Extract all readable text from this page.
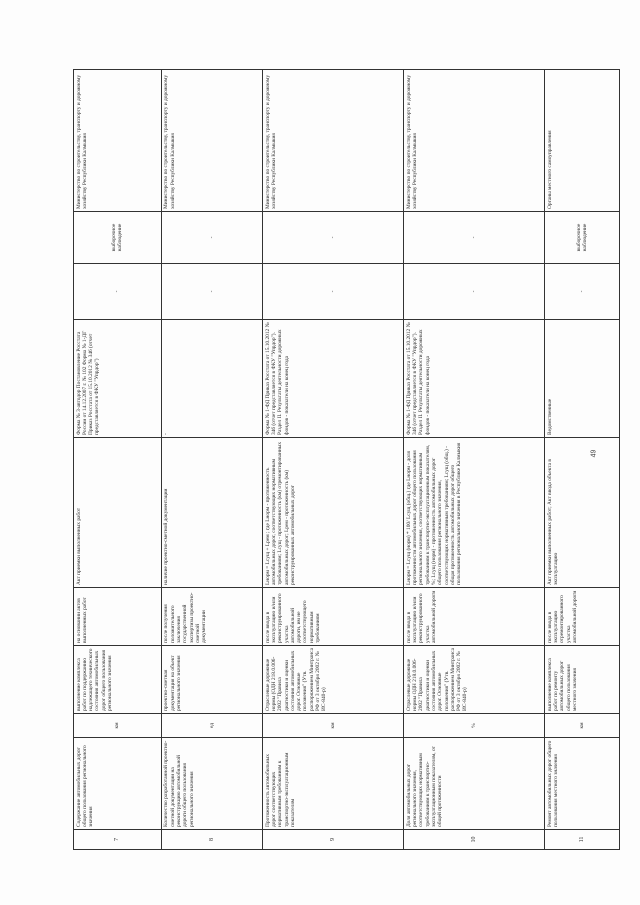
7	Содержание автомобильных дорог общего пользования регионального значения	км	выполнение комплекса работ по поддержанию надлежащего технического состояния автомобильных дорог общего пользования регионального значения	на основании актов выполненных работ	Акт приемки выполненных работ	Форма № 3-автодор Постановление Росстата России от 14.12.2007 г. № 102 Форма № 1-ДГ Приказ Росстата от 15.10.2012 № 346 (отчет представляется в ФКУ "Упрдор")	-	выборочное наблюдение	Министерство по строительству, транспорту и дорожному хозяйству Республики Калмыкия
8	Количество разработанной проектно-сметной документации на реконструкцию автомобильной дороги общего пользования регионального значения	ед	проектно-сметная документация на объект регионального значения	после получения положительного заключения государственной экспертизы проектно-сметной документации	наличие проектно-сметной документации	-	-	-	Министерство по строительству, транспорту и дорожному хозяйству Республики Калмыкия
9	Протяженность автомобильных дорог соответствующих нормативным требованиям к транспортно-эксплуатационным показателям	км	Отраслевые дорожные нормы (ОДН 218.0.006-2002 "Правила диагностики и оценки состояния автомобильных дорог. Основные положения" (Утв. распоряжением Минтранса РФ от 3 октября 2002 г. № ИС-840-р)	после ввода в эксплуатацию и/или реконструированного участка автомобильной дороги, им не соответствующего нормативным требованиям	Lнорм = Lсущ + Lрем ; где Lнорм - протяженность автомобильных дорог, соответствующих нормативным требованиям; Lсущ - протяженность (км) отремонтированных автомобильных дорог; Lрем - протяженность (км) реконструированных автомобильных дорог	Форма № 1-ФД Приказ Росстата от 15.10.2012 № 346 (отчет представляется в ФКУ "Упрдор"). Раздел II. Результаты деятельности дорожных фондов - показатели на конец года	-	-	Министерство по строительству, транспорту и дорожному хозяйству Республики Калмыкия
10	Доля автомобильных дорог регионального значения, соответствующих нормативным требованиям к транспортно-эксплуатационным показателям, от общей протяженности	%	Отраслевые дорожные нормы ОДН 218.0.006-2002 "Правила диагностики и оценки состояния автомобильных дорог. Основные положения" (Утв. распоряжением Минтранса РФ от 3 октября 2002 г. № ИС-840-р)	после ввода в эксплуатацию и/или реконструированного участка автомобильной дороги	Lнорм = Lсущ (норм) * 100/ Lсущ (общ.) где Lнорм - доля протяженности автомобильных дорог общего пользования регионального значения, соответствующих нормативным требованиям к транспортно-эксплуатационным показателям, %; Lсущ (норм) - протяженность автомобильных дорог общего пользования регионального значения, соответствующих нормативным требованиям; Lсущ (общ.) - общая протяженность автомобильных дорог общего пользования регионального значения в Республике Калмыкия	Форма № 1-ФД Приказ Росстата от 15.10.2012 № 346 (отчет представляется в ФКУ "Упрдор"). Раздел II. Результаты деятельности дорожных фондов - показатели на конец года	-	-	Министерство по строительству, транспорту и дорожному хозяйству Республики Калмыкия
11	Ремонт автомобильных дорог общего пользования местного значения	км	выполнение комплекса работ по ремонту автомобильных дорог общего пользования местного значения	после ввода в эксплуатацию отремонтированного участка автомобильной дороги	Акт приемки выполненных работ; Акт ввода объекта в эксплуатацию	Ведомственные	-	выборочное наблюдение	Органы местного самоуправления
49
